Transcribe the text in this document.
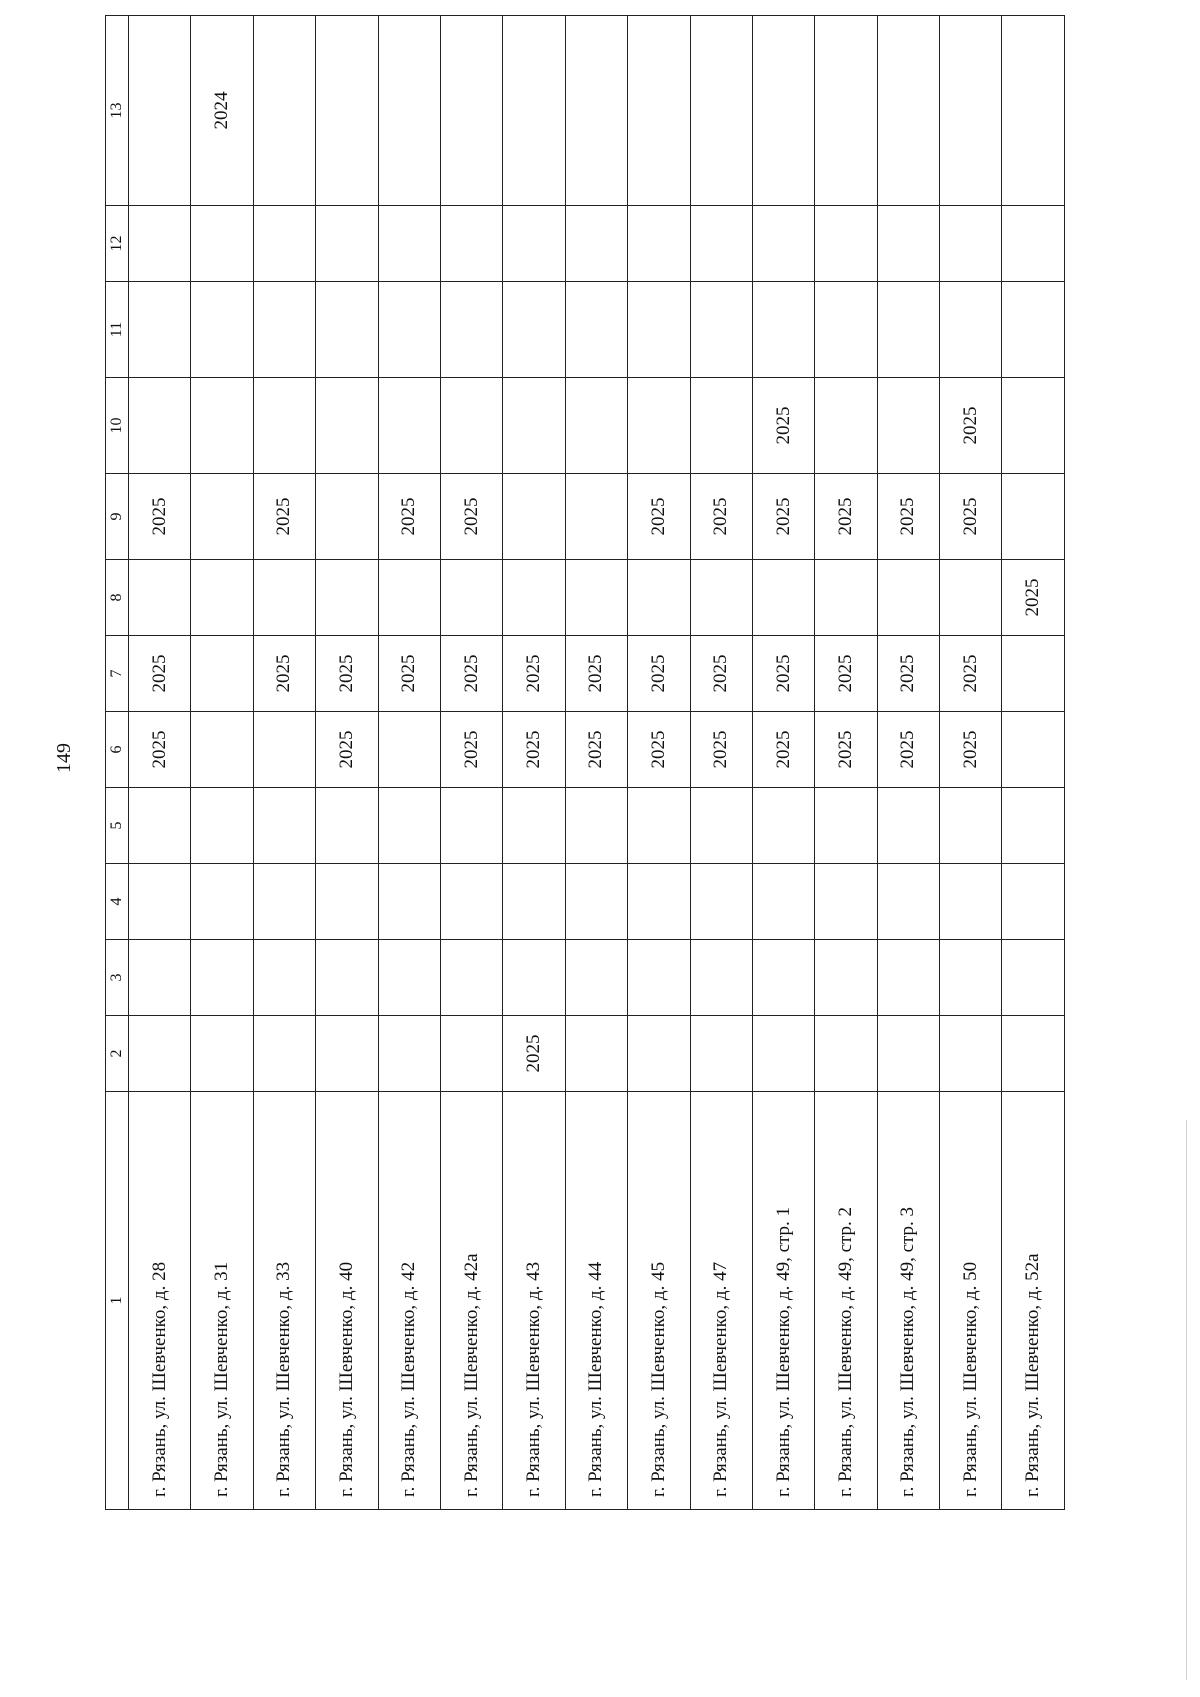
149
1	2	3	4	5	6	7	8	9	10	11	12	13
г. Рязань, ул. Шевченко, д. 28					2025	2025		2025				
г. Рязань, ул. Шевченко, д. 31												2024
г. Рязань, ул. Шевченко, д. 33						2025		2025				
г. Рязань, ул. Шевченко, д. 40					2025	2025						
г. Рязань, ул. Шевченко, д. 42						2025		2025				
г. Рязань, ул. Шевченко, д. 42а					2025	2025		2025				
г. Рязань, ул. Шевченко, д. 43	2025				2025	2025						
г. Рязань, ул. Шевченко, д. 44					2025	2025						
г. Рязань, ул. Шевченко, д. 45					2025	2025		2025				
г. Рязань, ул. Шевченко, д. 47					2025	2025		2025				
г. Рязань, ул. Шевченко, д. 49, стр. 1					2025	2025		2025	2025			
г. Рязань, ул. Шевченко, д. 49, стр. 2					2025	2025		2025				
г. Рязань, ул. Шевченко, д. 49, стр. 3					2025	2025		2025				
г. Рязань, ул. Шевченко, д. 50					2025	2025		2025	2025			
г. Рязань, ул. Шевченко, д. 52а							2025					
